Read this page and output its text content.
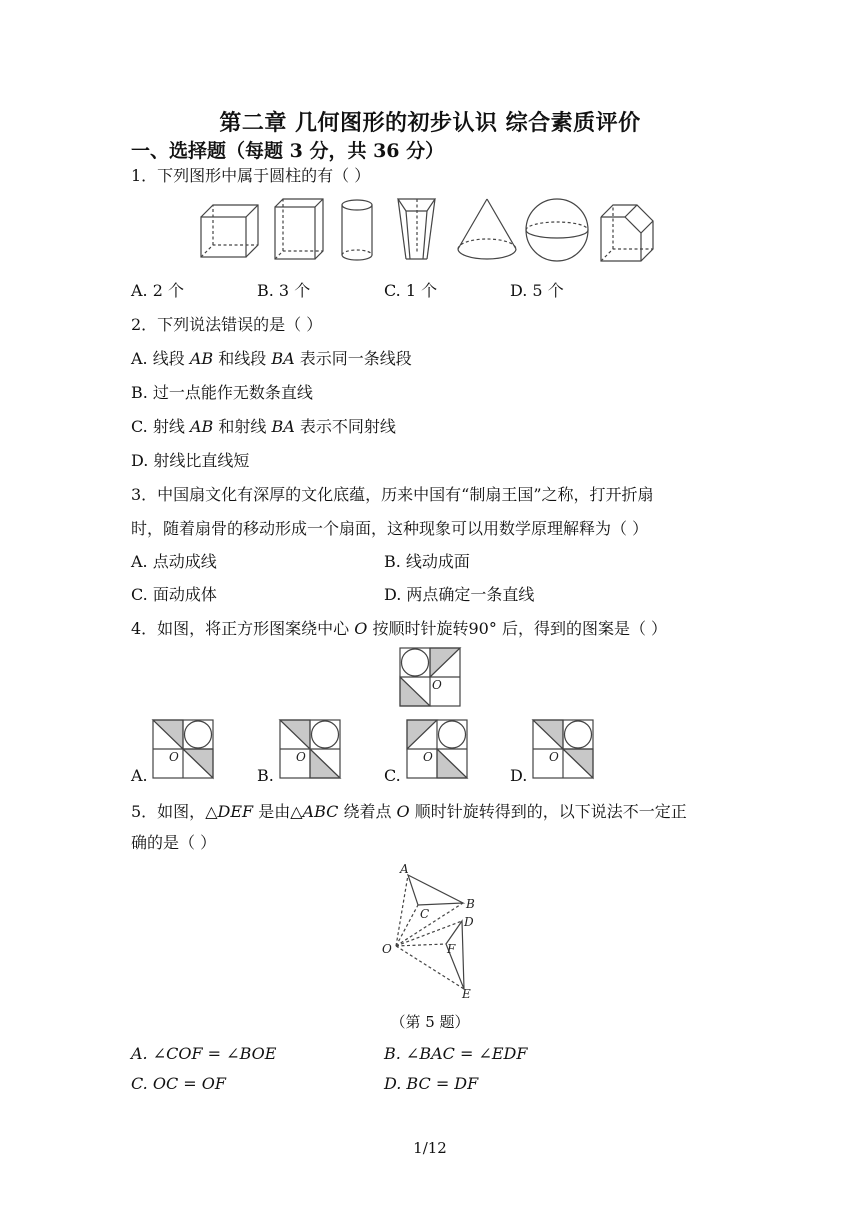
第二章 几何图形的初步认识 综合素质评价
一、选择题（每题 3 分，共 36 分）
1．下列图形中属于圆柱的有（ ）
A. 2 个	B. 3 个	C. 1 个	D. 5 个
2．下列说法错误的是（ ）
A. 线段 AB 和线段 BA 表示同一条线段
B. 过一点能作无数条直线
C. 射线 AB 和射线 BA 表示不同射线
D. 射线比直线短
3．中国扇文化有深厚的文化底蕴，历来中国有“制扇王国”之称，打开折扇
时，随着扇骨的移动形成一个扇面，这种现象可以用数学原理解释为（ ）
A. 点动成线	B. 线动成面
C. 面动成体	D. 两点确定一条直线
4．如图，将正方形图案绕中心 O 按顺时针旋转90° 后，得到的图案是（ ）
O
A.
O
B.
O
C.
O
D.
O
5．如图，△DEF 是由△ABC 绕着点 O 顺时针旋转得到的，以下说法不一定正
确的是（ ）
A
B
C
D
E
F
O
（第 5 题）
A. ∠COF = ∠BOE	B. ∠BAC = ∠EDF
C. OC = OF	D. BC = DF
1/12
